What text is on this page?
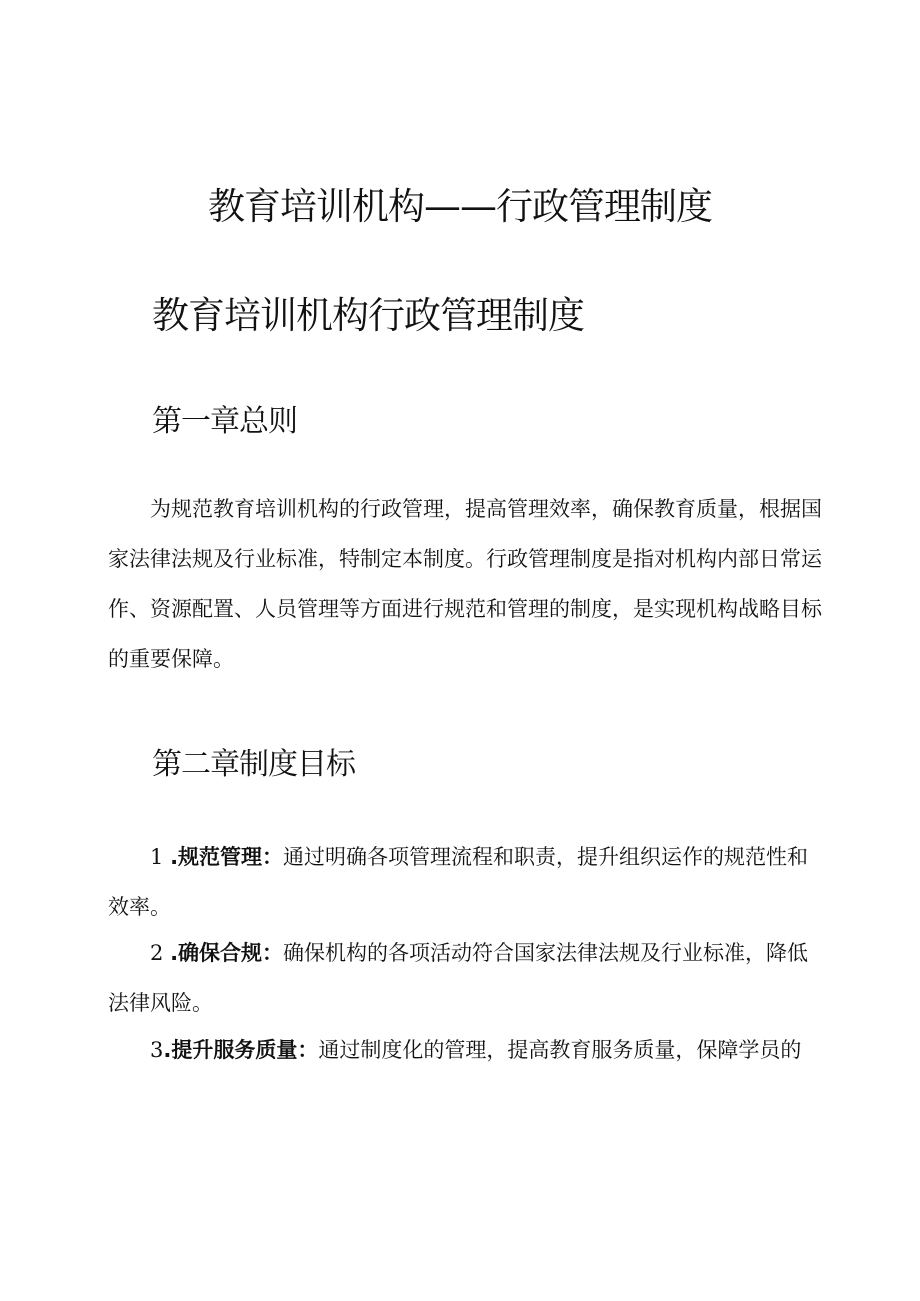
教育培训机构——行政管理制度
教育培训机构行政管理制度
第一章总则

为规范教育培训机构的行政管理，提高管理效率，确保教育质量，根据国家法律法规及行业标准，特制定本制度。行政管理制度是指对机构内部日常运作、资源配置、人员管理等方面进行规范和管理的制度，是实现机构战略目标的重要保障。

第二章制度目标

1 .规范管理：通过明确各项管理流程和职责，提升组织运作的规范性和效率。

2 .确保合规：确保机构的各项活动符合国家法律法规及行业标准，降低法律风险。

3.提升服务质量：通过制度化的管理，提高教育服务质量，保障学员的
